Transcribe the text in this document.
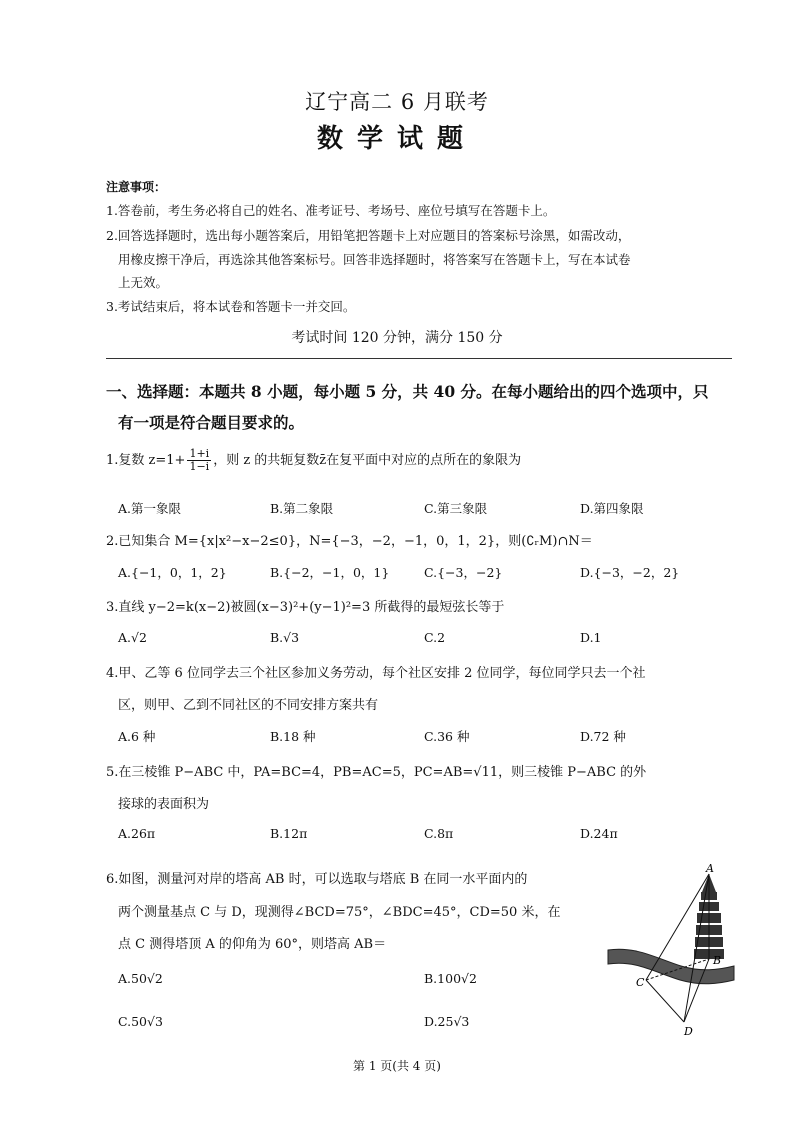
辽宁高二 6 月联考
数学试题
注意事项：
1.答卷前，考生务必将自己的姓名、准考证号、考场号、座位号填写在答题卡上。
2.回答选择题时，选出每小题答案后，用铅笔把答题卡上对应题目的答案标号涂黑，如需改动，
用橡皮擦干净后，再选涂其他答案标号。回答非选择题时，将答案写在答题卡上，写在本试卷
上无效。
3.考试结束后，将本试卷和答题卡一并交回。
考试时间 120 分钟，满分 150 分
一、选择题：本题共 8 小题，每小题 5 分，共 40 分。在每小题给出的四个选项中，只
有一项是符合题目要求的。
1.复数 $z=1+ \frac{1+i}{1-i}$ ，则 z 的共轭复数z̄在复平面中对应的点所在的象限为
A.第一象限	B.第二象限	C.第三象限	D.第四象限
2.已知集合 M={x|x²−x−2≤0}，N={−3，−2，−1，0，1，2}，则(∁ᵣM)∩N＝
A.{−1，0，1，2}	B.{−2，−1，0，1}	C.{−3，−2}	D.{−3，−2，2}
3.直线 y−2=k(x−2)被圆(x−3)²+(y−1)²=3 所截得的最短弦长等于
A.√2	B.√3	C.2	D.1
4.甲、乙等 6 位同学去三个社区参加义务劳动，每个社区安排 2 位同学，每位同学只去一个社
区，则甲、乙到不同社区的不同安排方案共有
A.6 种	B.18 种	C.36 种	D.72 种
5.在三棱锥 P−ABC 中，PA=BC=4，PB=AC=5，PC=AB=√11，则三棱锥 P−ABC 的外
接球的表面积为
A.26π	B.12π	C.8π	D.24π
6.如图，测量河对岸的塔高 AB 时，可以选取与塔底 B 在同一水平面内的
两个测量基点 C 与 D，现测得∠BCD=75°，∠BDC=45°，CD=50 米，在
点 C 测得塔顶 A 的仰角为 60°，则塔高 AB＝
A.50√2	B.100√2
C.50√3	D.25√3
A
B
C
D
第 1 页(共 4 页)
